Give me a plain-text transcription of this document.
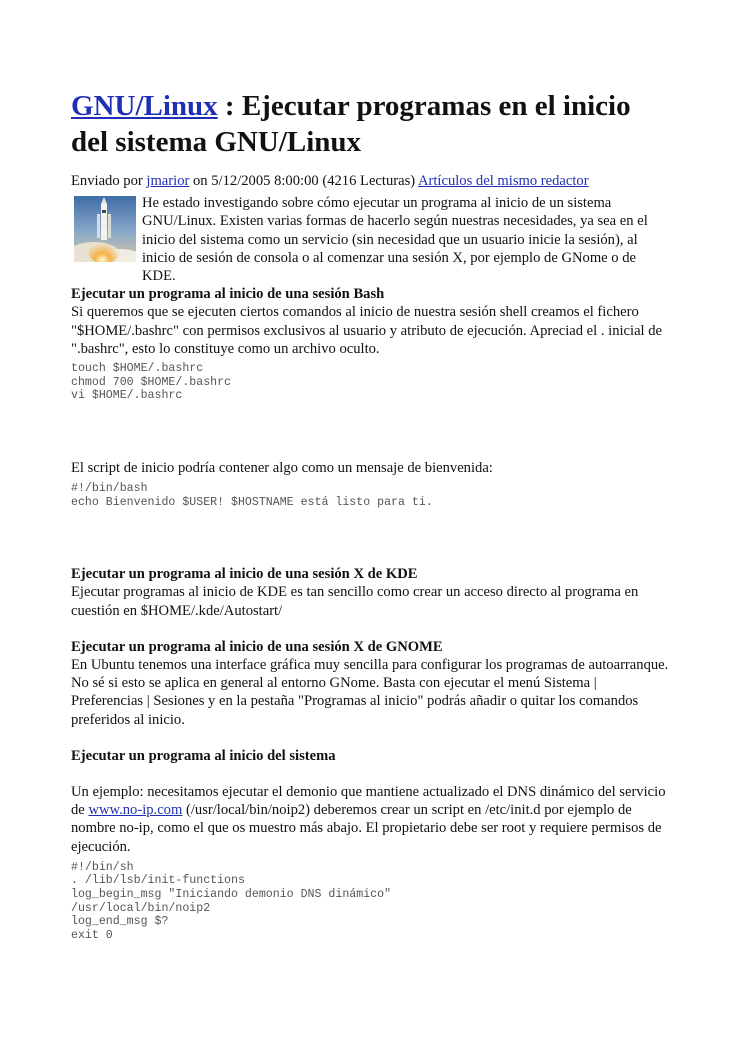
GNU/Linux : Ejecutar programas en el inicio del sistema GNU/Linux
Enviado por jmarior on 5/12/2005 8:00:00 (4216 Lecturas) Artículos del mismo redactor
He estado investigando sobre cómo ejecutar un programa al inicio de un sistema GNU/Linux. Existen varias formas de hacerlo según nuestras necesidades, ya sea en el inicio del sistema como un servicio (sin necesidad que un usuario inicie la sesión), al inicio de sesión de consola o al comenzar una sesión X, por ejemplo de GNome o de KDE.
Ejecutar un programa al inicio de una sesión Bash

Si queremos que se ejecuten ciertos comandos al inicio de nuestra sesión shell creamos el fichero "$HOME/.bashrc" con permisos exclusivos al usuario y atributo de ejecución. Apreciad el . inicial de ".bashrc", esto lo constituye como un archivo oculto.

touch $HOME/.bashrc
chmod 700 $HOME/.bashrc
vi $HOME/.bashrc

El script de inicio podría contener algo como un mensaje de bienvenida:

#!/bin/bash
echo Bienvenido $USER! $HOSTNAME está listo para ti.
Ejecutar un programa al inicio de una sesión X de KDE

Ejecutar programas al inicio de KDE es tan sencillo como crear un acceso directo al programa en cuestión en $HOME/.kde/Autostart/

Ejecutar un programa al inicio de una sesión X de GNOME

En Ubuntu tenemos una interface gráfica muy sencilla para configurar los programas de autoarranque. No sé si esto se aplica en general al entorno GNome. Basta con ejecutar el menú Sistema | Preferencias | Sesiones y en la pestaña "Programas al inicio" podrás añadir o quitar los comandos preferidos al inicio.

Ejecutar un programa al inicio del sistema

Un ejemplo: necesitamos ejecutar el demonio que mantiene actualizado el DNS dinámico del servicio de www.no-ip.com (/usr/local/bin/noip2) deberemos crear un script en /etc/init.d por ejemplo de nombre no-ip, como el que os muestro más abajo. El propietario debe ser root y requiere permisos de ejecución.

#!/bin/sh
. /lib/lsb/init-functions
log_begin_msg "Iniciando demonio DNS dinámico"
/usr/local/bin/noip2
log_end_msg $?
exit 0
